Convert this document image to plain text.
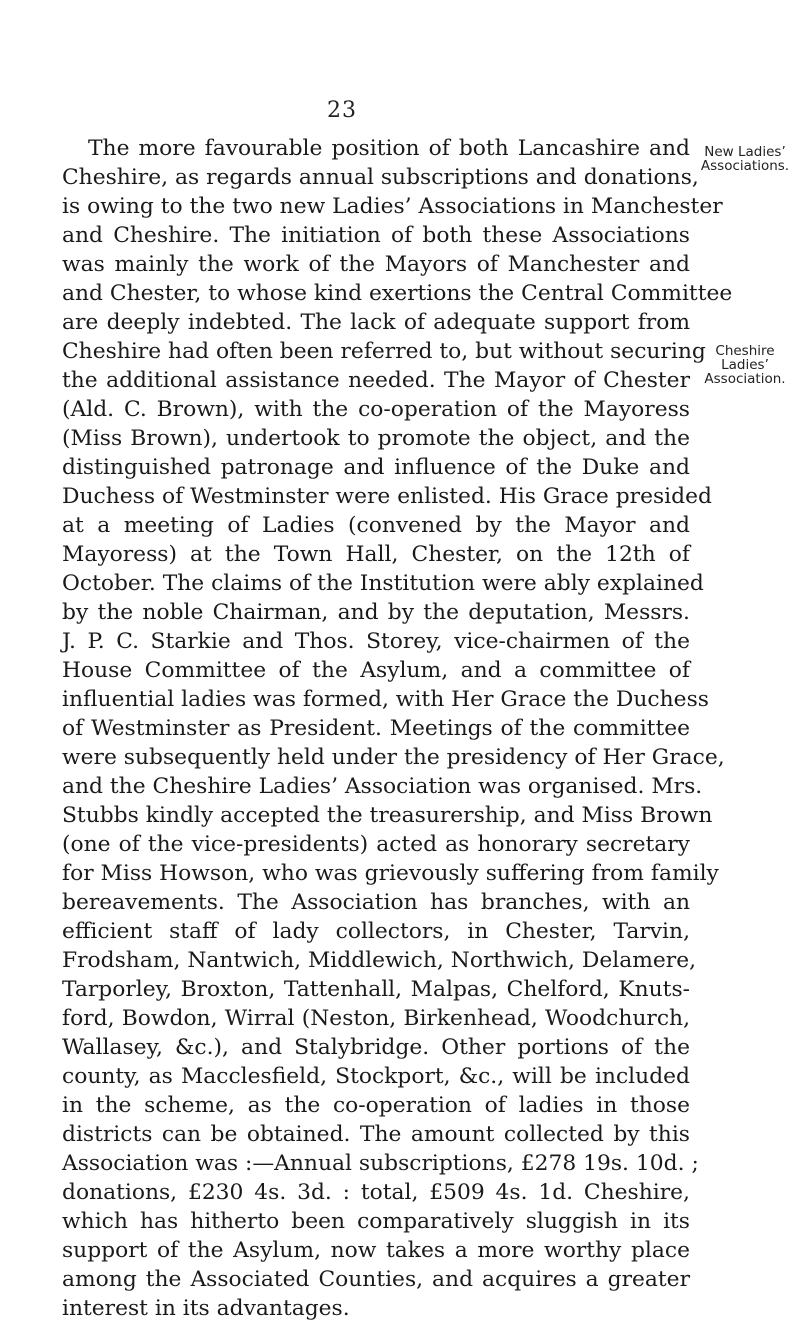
23
New Ladies’
Associations.
Cheshire
Ladies’
Association.
The more favourable position of both Lancashire and
Cheshire, as regards annual subscriptions and donations,
is owing to the two new Ladies’ Associations in Manchester
and Cheshire. The initiation of both these Associations
was mainly the work of the Mayors of Manchester and
and Chester, to whose kind exertions the Central Committee
are deeply indebted. The lack of adequate support from
Cheshire had often been referred to, but without securing
the additional assistance needed. The Mayor of Chester
(Ald. C. Brown), with the co-operation of the Mayoress
(Miss Brown), undertook to promote the object, and the
distinguished patronage and influence of the Duke and
Duchess of Westminster were enlisted. His Grace presided
at a meeting of Ladies (convened by the Mayor and
Mayoress) at the Town Hall, Chester, on the 12th of
October. The claims of the Institution were ably explained
by the noble Chairman, and by the deputation, Messrs.
J. P. C. Starkie and Thos. Storey, vice-chairmen of the
House Committee of the Asylum, and a committee of
influential ladies was formed, with Her Grace the Duchess
of Westminster as President. Meetings of the committee
were subsequently held under the presidency of Her Grace,
and the Cheshire Ladies’ Association was organised. Mrs.
Stubbs kindly accepted the treasurership, and Miss Brown
(one of the vice-presidents) acted as honorary secretary
for Miss Howson, who was grievously suffering from family
bereavements. The Association has branches, with an
efficient staff of lady collectors, in Chester, Tarvin,
Frodsham, Nantwich, Middlewich, Northwich, Delamere,
Tarporley, Broxton, Tattenhall, Malpas, Chelford, Knuts-
ford, Bowdon, Wirral (Neston, Birkenhead, Woodchurch,
Wallasey, &c.), and Stalybridge. Other portions of the
county, as Macclesfield, Stockport, &c., will be included
in the scheme, as the co-operation of ladies in those
districts can be obtained. The amount collected by this
Association was :—Annual subscriptions, £278 19s. 10d. ;
donations, £230 4s. 3d. : total, £509 4s. 1d. Cheshire,
which has hitherto been comparatively sluggish in its
support of the Asylum, now takes a more worthy place
among the Associated Counties, and acquires a greater
interest in its advantages.
